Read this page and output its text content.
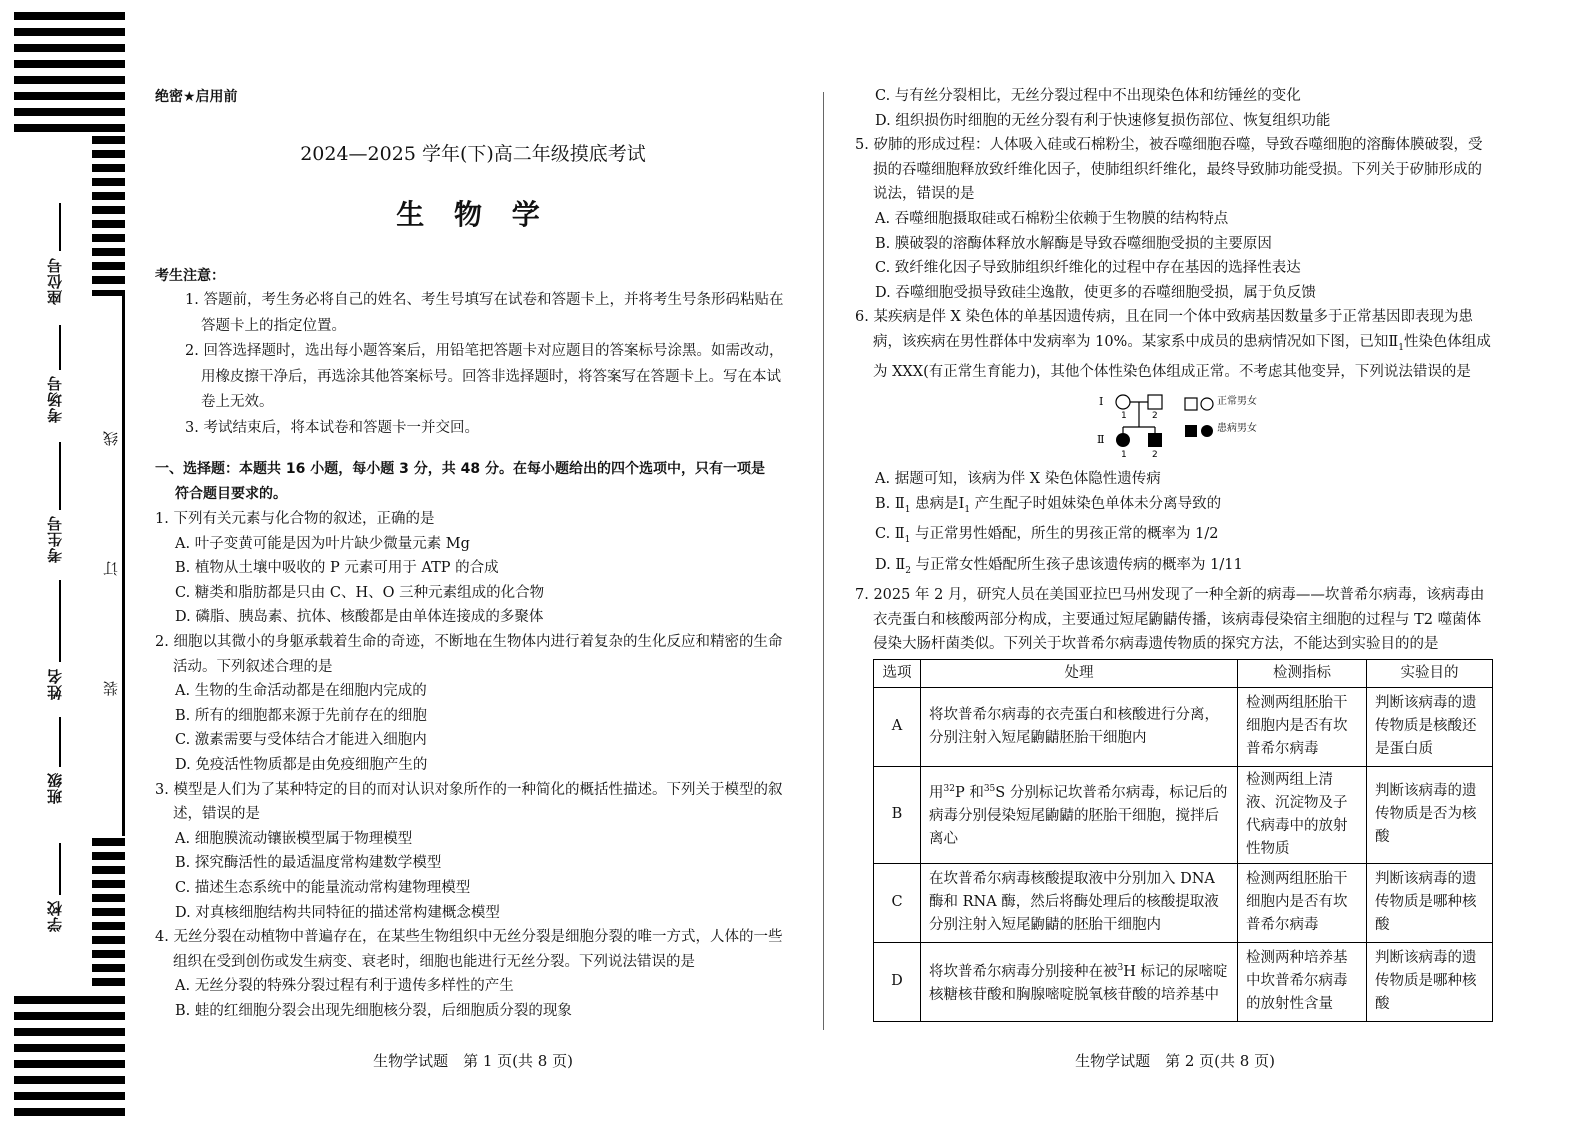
座位号
考场号
考生号
姓名
班级
学校
线
订
装
绝密★启用前
2024—2025 学年(下)高二年级摸底考试
生 物 学

考生注意：

1. 答题前，考生务必将自己的姓名、考生号填写在试卷和答题卡上，并将考生号条形码粘贴在答题卡上的指定位置。

2. 回答选择题时，选出每小题答案后，用铅笔把答题卡对应题目的答案标号涂黑。如需改动，用橡皮擦干净后，再选涂其他答案标号。回答非选择题时，将答案写在答题卡上。写在本试卷上无效。

3. 考试结束后，将本试卷和答题卡一并交回。

一、选择题：本题共 16 小题，每小题 3 分，共 48 分。在每小题给出的四个选项中，只有一项是

符合题目要求的。

1. 下列有关元素与化合物的叙述，正确的是

A. 叶子变黄可能是因为叶片缺少微量元素 Mg

B. 植物从土壤中吸收的 P 元素可用于 ATP 的合成

C. 糖类和脂肪都是只由 C、H、O 三种元素组成的化合物

D. 磷脂、胰岛素、抗体、核酸都是由单体连接成的多聚体

2. 细胞以其微小的身躯承载着生命的奇迹，不断地在生物体内进行着复杂的生化反应和精密的生命活动。下列叙述合理的是

A. 生物的生命活动都是在细胞内完成的

B. 所有的细胞都来源于先前存在的细胞

C. 激素需要与受体结合才能进入细胞内

D. 免疫活性物质都是由免疫细胞产生的

3. 模型是人们为了某种特定的目的而对认识对象所作的一种简化的概括性描述。下列关于模型的叙述，错误的是

A. 细胞膜流动镶嵌模型属于物理模型

B. 探究酶活性的最适温度常构建数学模型

C. 描述生态系统中的能量流动常构建物理模型

D. 对真核细胞结构共同特征的描述常构建概念模型

4. 无丝分裂在动植物中普遍存在，在某些生物组织中无丝分裂是细胞分裂的唯一方式，人体的一些组织在受到创伤或发生病变、衰老时，细胞也能进行无丝分裂。下列说法错误的是

A. 无丝分裂的特殊分裂过程有利于遗传多样性的产生

B. 蛙的红细胞分裂会出现先细胞核分裂，后细胞质分裂的现象

生物学试题　第 1 页(共 8 页)

C. 与有丝分裂相比，无丝分裂过程中不出现染色体和纺锤丝的变化

D. 组织损伤时细胞的无丝分裂有利于快速修复损伤部位、恢复组织功能

5. 矽肺的形成过程：人体吸入硅或石棉粉尘，被吞噬细胞吞噬，导致吞噬细胞的溶酶体膜破裂，受损的吞噬细胞释放致纤维化因子，使肺组织纤维化，最终导致肺功能受损。下列关于矽肺形成的说法，错误的是

A. 吞噬细胞摄取硅或石棉粉尘依赖于生物膜的结构特点

B. 膜破裂的溶酶体释放水解酶是导致吞噬细胞受损的主要原因

C. 致纤维化因子导致肺组织纤维化的过程中存在基因的选择性表达

D. 吞噬细胞受损导致硅尘逸散，使更多的吞噬细胞受损，属于负反馈

6. 某疾病是伴 X 染色体的单基因遗传病，且在同一个体中致病基因数量多于正常基因即表现为患病，该疾病在男性群体中发病率为 10%。某家系中成员的患病情况如下图，已知$Ⅱ_1$性染色体组成为 XXX(有正常生育能力)，其他个体性染色体组成正常。不考虑其他变异，下列说法错误的是

Ⅰ
Ⅱ
1	2
1	2
正常男女
患病男女

A. 据题可知，该病为伴 X 染色体隐性遗传病

B. $Ⅱ_1$ 患病是$Ⅰ_1$ 产生配子时姐妹染色单体未分离导致的

C. $Ⅱ_1$ 与正常男性婚配，所生的男孩正常的概率为 1/2

D. $Ⅱ_2$ 与正常女性婚配所生孩子患该遗传病的概率为 1/11

7. 2025 年 2 月，研究人员在美国亚拉巴马州发现了一种全新的病毒——坎普希尔病毒，该病毒由衣壳蛋白和核酸两部分构成，主要通过短尾鼩鼱传播，该病毒侵染宿主细胞的过程与 T2 噬菌体侵染大肠杆菌类似。下列关于坎普希尔病毒遗传物质的探究方法，不能达到实验目的的是

选项	处理	检测指标	实验目的
A	将坎普希尔病毒的衣壳蛋白和核酸进行分离，分别注射入短尾鼩鼱胚胎干细胞内	检测两组胚胎干细胞内是否有坎普希尔病毒	判断该病毒的遗传物质是核酸还是蛋白质
B	用$^{32}$P 和$^{35}$S 分别标记坎普希尔病毒，标记后的病毒分别侵染短尾鼩鼱的胚胎干细胞，搅拌后离心	检测两组上清液、沉淀物及子代病毒中的放射性物质	判断该病毒的遗传物质是否为核酸
C	在坎普希尔病毒核酸提取液中分别加入 DNA 酶和 RNA 酶，然后将酶处理后的核酸提取液分别注射入短尾鼩鼱的胚胎干细胞内	检测两组胚胎干细胞内是否有坎普希尔病毒	判断该病毒的遗传物质是哪种核酸
D	将坎普希尔病毒分别接种在被$^3$H 标记的尿嘧啶核糖核苷酸和胸腺嘧啶脱氧核苷酸的培养基中	检测两种培养基中坎普希尔病毒的放射性含量	判断该病毒的遗传物质是哪种核酸
生物学试题　第 2 页(共 8 页)
